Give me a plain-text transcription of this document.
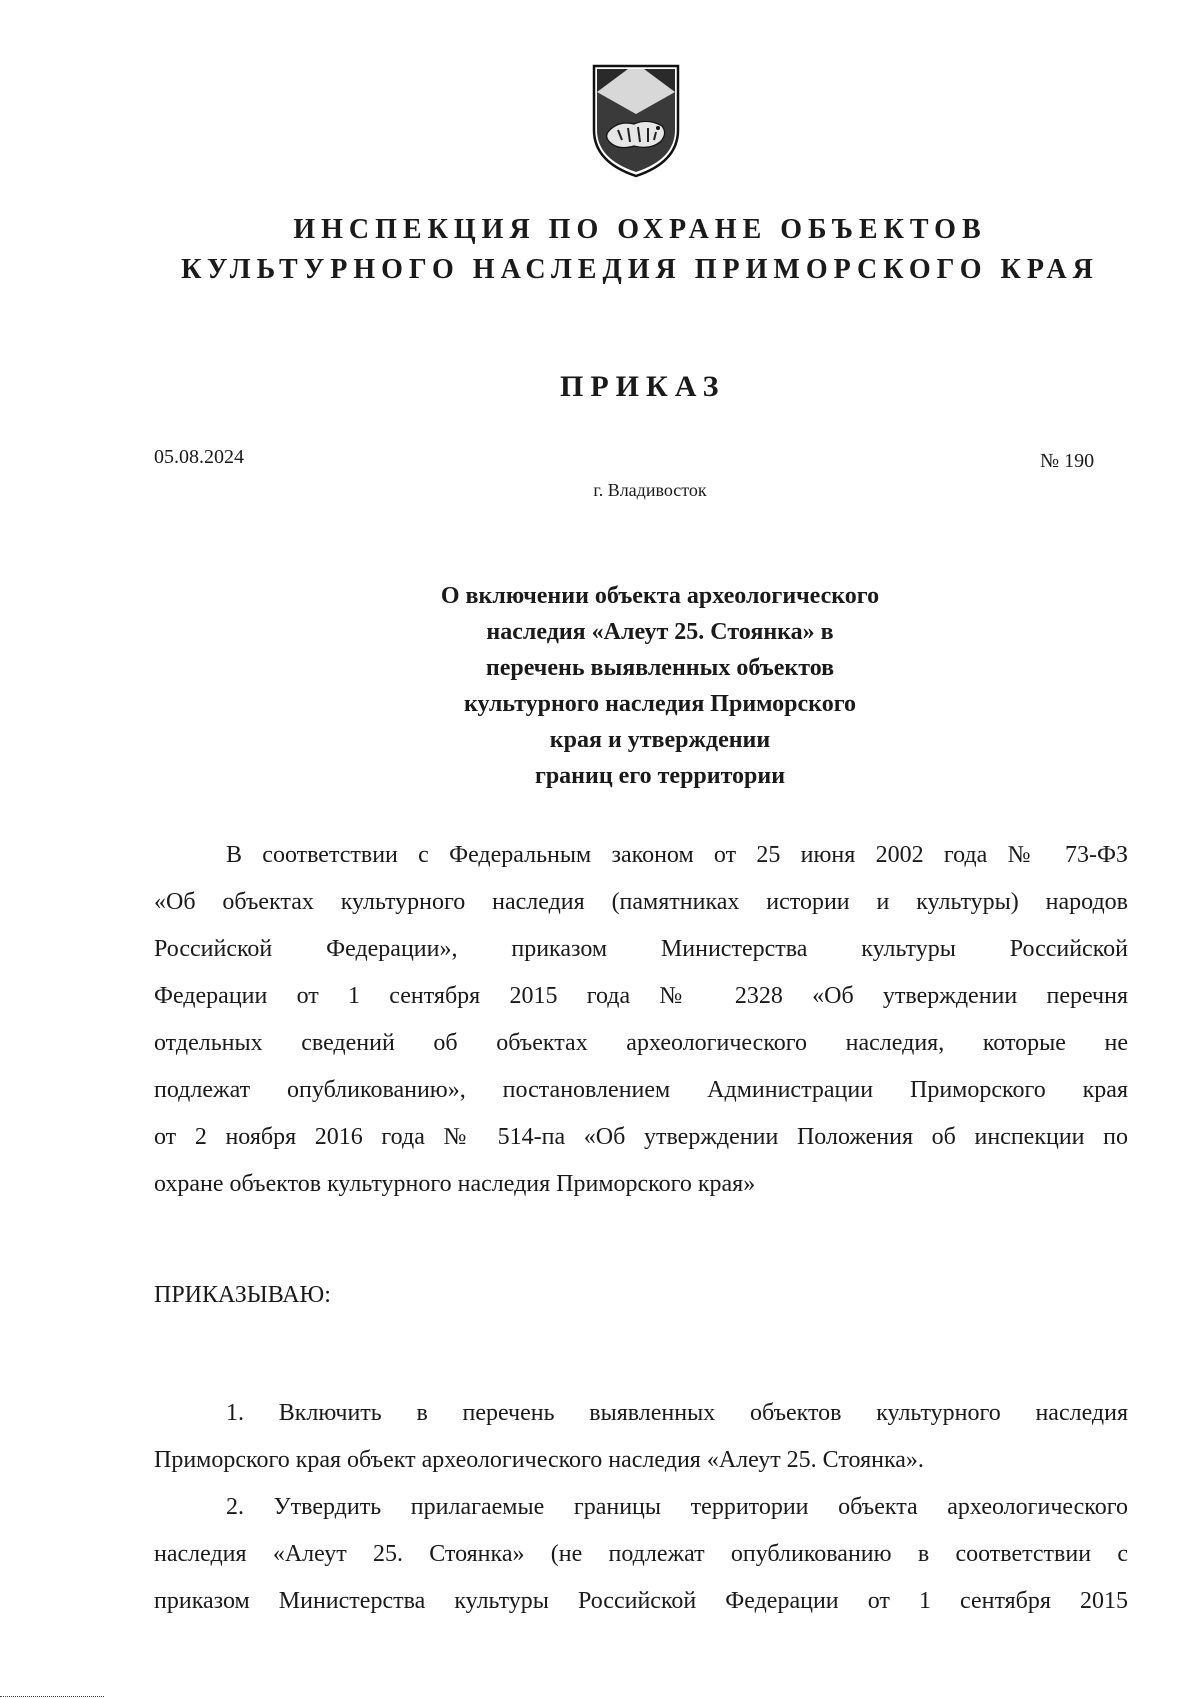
ИНСПЕКЦИЯ ПО ОХРАНЕ ОБЪЕКТОВ
КУЛЬТУРНОГО НАСЛЕДИЯ ПРИМОРСКОГО КРАЯ
ПРИКАЗ
05.08.2024	№ 190
г. Владивосток
О включении объекта археологического
наследия «Алеут 25. Стоянка» в
перечень выявленных объектов
культурного наследия Приморского
края и утверждении
границ его территории
В соответствии с Федеральным законом от 25 июня 2002 года № 73-ФЗ
«Об объектах культурного наследия (памятниках истории и культуры) народов
Российской Федерации», приказом Министерства культуры Российской
Федерации от 1 сентября 2015 года № 2328 «Об утверждении перечня
отдельных сведений об объектах археологического наследия, которые не
подлежат опубликованию», постановлением Администрации Приморского края
от 2 ноября 2016 года № 514-па «Об утверждении Положения об инспекции по
охране объектов культурного наследия Приморского края»
ПРИКАЗЫВАЮ:
1. Включить в перечень выявленных объектов культурного наследия
Приморского края объект археологического наследия «Алеут 25. Стоянка».
2. Утвердить прилагаемые границы территории объекта археологического
наследия «Алеут 25. Стоянка» (не подлежат опубликованию в соответствии с
приказом Министерства культуры Российской Федерации от 1 сентября 2015
